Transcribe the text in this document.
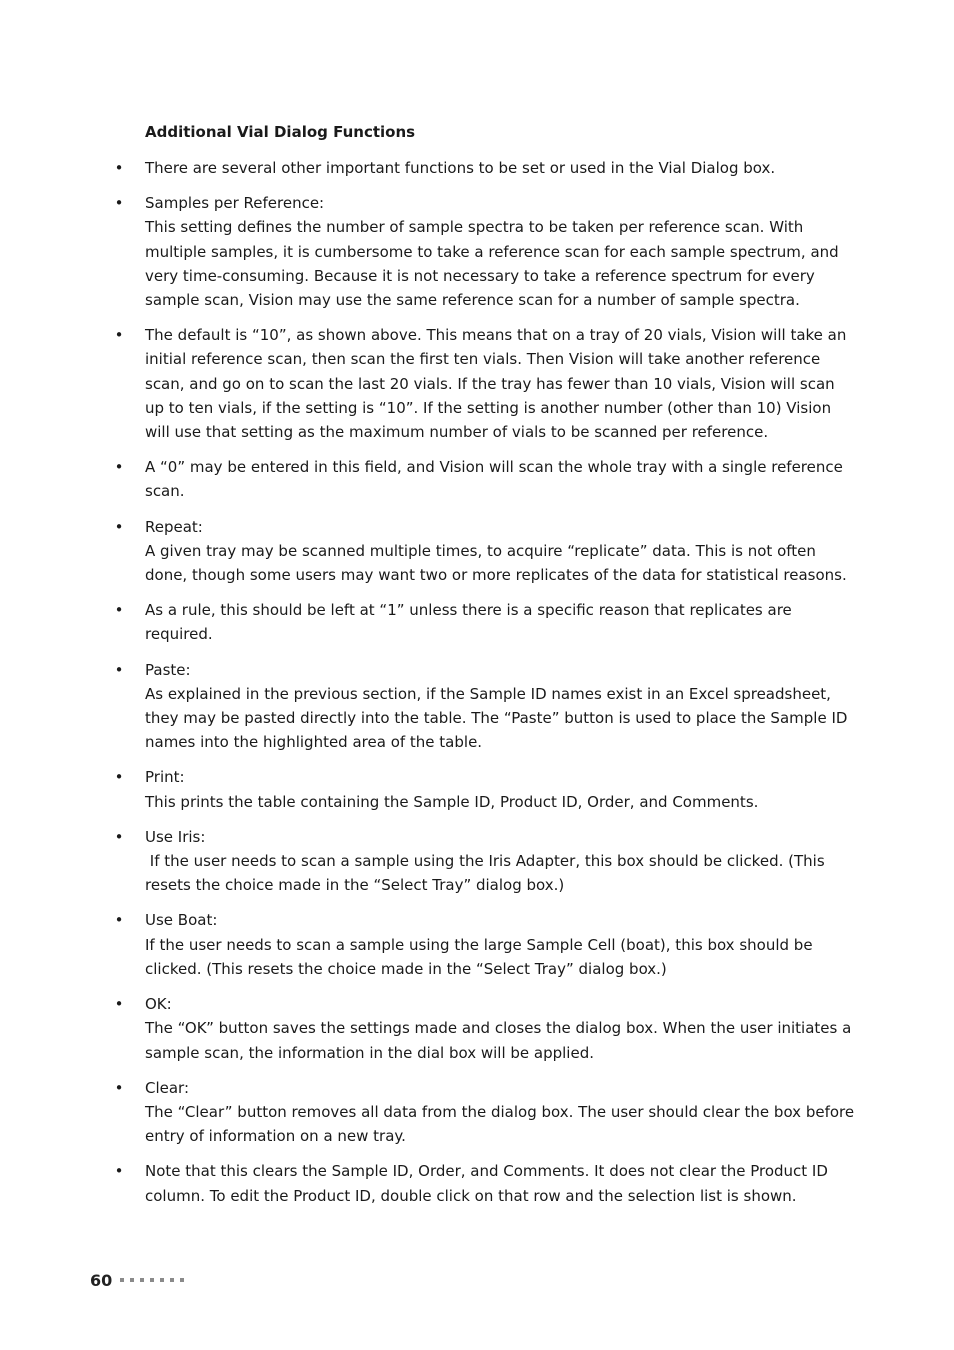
Additional Vial Dialog Functions
• There are several other important functions to be set or used in the Vial Dialog box.
• Samples per Reference:
This setting defines the number of sample spectra to be taken per reference scan. With
multiple samples, it is cumbersome to take a reference scan for each sample spectrum, and
very time-consuming. Because it is not necessary to take a reference spectrum for every
sample scan, Vision may use the same reference scan for a number of sample spectra.
• The default is “10”, as shown above. This means that on a tray of 20 vials, Vision will take an
initial reference scan, then scan the first ten vials. Then Vision will take another reference
scan, and go on to scan the last 20 vials. If the tray has fewer than 10 vials, Vision will scan
up to ten vials, if the setting is “10”. If the setting is another number (other than 10) Vision
will use that setting as the maximum number of vials to be scanned per reference.
• A “0” may be entered in this field, and Vision will scan the whole tray with a single reference
scan.
• Repeat:
A given tray may be scanned multiple times, to acquire “replicate” data. This is not often
done, though some users may want two or more replicates of the data for statistical reasons.
• As a rule, this should be left at “1” unless there is a specific reason that replicates are
required.
• Paste:
As explained in the previous section, if the Sample ID names exist in an Excel spreadsheet,
they may be pasted directly into the table. The “Paste” button is used to place the Sample ID
names into the highlighted area of the table.
• Print:
This prints the table containing the Sample ID, Product ID, Order, and Comments.
• Use Iris:
If the user needs to scan a sample using the Iris Adapter, this box should be clicked. (This
resets the choice made in the “Select Tray” dialog box.)
• Use Boat:
If the user needs to scan a sample using the large Sample Cell (boat), this box should be
clicked. (This resets the choice made in the “Select Tray” dialog box.)
• OK:
The “OK” button saves the settings made and closes the dialog box. When the user initiates a
sample scan, the information in the dial box will be applied.
• Clear:
The “Clear” button removes all data from the dialog box. The user should clear the box before
entry of information on a new tray.
• Note that this clears the Sample ID, Order, and Comments. It does not clear the Product ID
column. To edit the Product ID, double click on that row and the selection list is shown.
60
